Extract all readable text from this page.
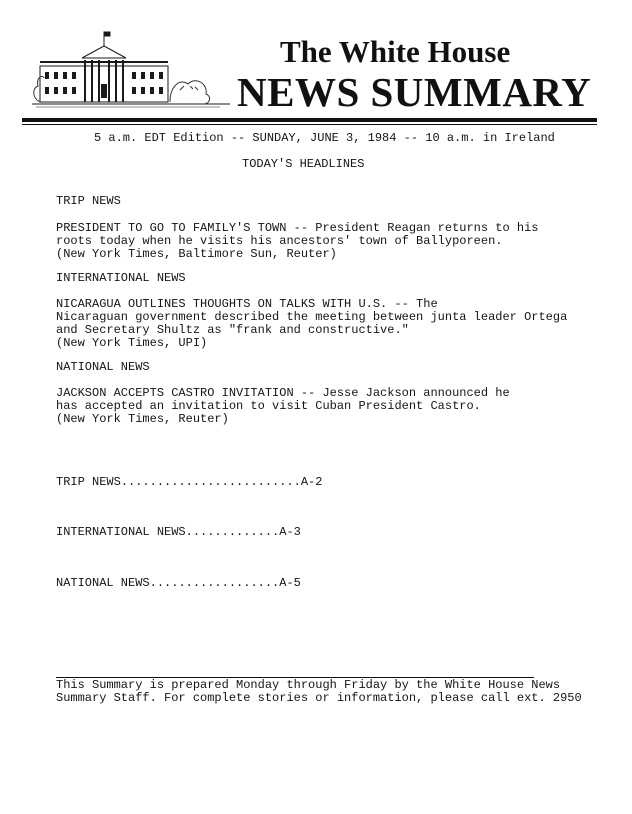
The White House
NEWS SUMMARY
5 a.m. EDT Edition -- SUNDAY, JUNE 3, 1984 -- 10 a.m. in Ireland
TODAY'S HEADLINES
TRIP NEWS
PRESIDENT TO GO TO FAMILY'S TOWN -- President Reagan returns to his
roots today when he visits his ancestors' town of Ballyporeen.
(New York Times, Baltimore Sun, Reuter)
INTERNATIONAL NEWS
NICARAGUA OUTLINES THOUGHTS ON TALKS WITH U.S. -- The
Nicaraguan government described the meeting between junta leader Ortega
and Secretary Shultz as "frank and constructive."
(New York Times, UPI)
NATIONAL NEWS
JACKSON ACCEPTS CASTRO INVITATION -- Jesse Jackson announced he
has accepted an invitation to visit Cuban President Castro.
(New York Times, Reuter)
TRIP NEWS.........................A-2
INTERNATIONAL NEWS.............A-3
NATIONAL NEWS..................A-5
This Summary is prepared Monday through Friday by the White House News
Summary Staff. For complete stories or information, please call ext. 2950
